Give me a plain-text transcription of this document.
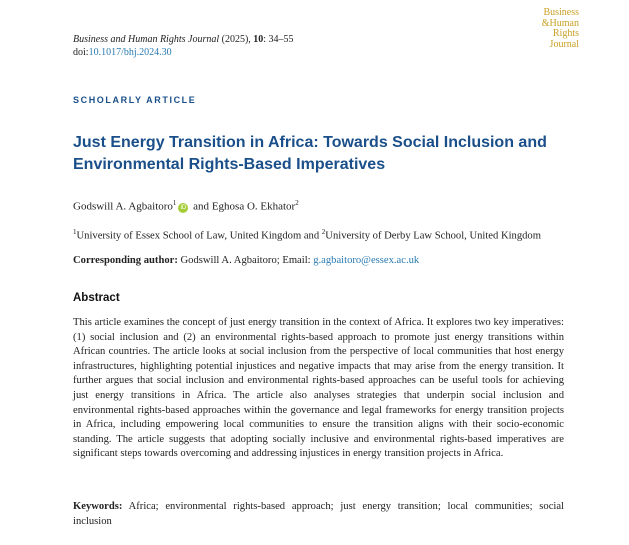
Business and Human Rights Journal (2025), 10: 34–55
doi:10.1017/bhj.2024.30
Business
&Human
Rights
Journal
SCHOLARLY ARTICLE
Just Energy Transition in Africa: Towards Social Inclusion and Environmental Rights-Based Imperatives
Godswill A. Agbaitoro$^1$iD and Eghosa O. Ekhator$^2$
$^1$University of Essex School of Law, United Kingdom and $^2$University of Derby Law School, United Kingdom
Corresponding author: Godswill A. Agbaitoro; Email: g.agbaitoro@essex.ac.uk
Abstract
This article examines the concept of just energy transition in the context of Africa. It explores two key imperatives: (1) social inclusion and (2) an environmental rights-based approach to promote just energy transitions within African countries. The article looks at social inclusion from the perspective of local communities that host energy infrastructures, highlighting potential injustices and negative impacts that may arise from the energy transition. It further argues that social inclusion and environmental rights-based approaches can be useful tools for achieving just energy transitions in Africa. The article also analyses strategies that underpin social inclusion and environmental rights-based approaches within the governance and legal frameworks for energy transition projects in Africa, including empowering local communities to ensure the transition aligns with their socio-economic standing. The article suggests that adopting socially inclusive and environmental rights-based imperatives are significant steps towards overcoming and addressing injustices in energy transition projects in Africa.
Keywords: Africa; environmental rights-based approach; just energy transition; local communities; social inclusion
